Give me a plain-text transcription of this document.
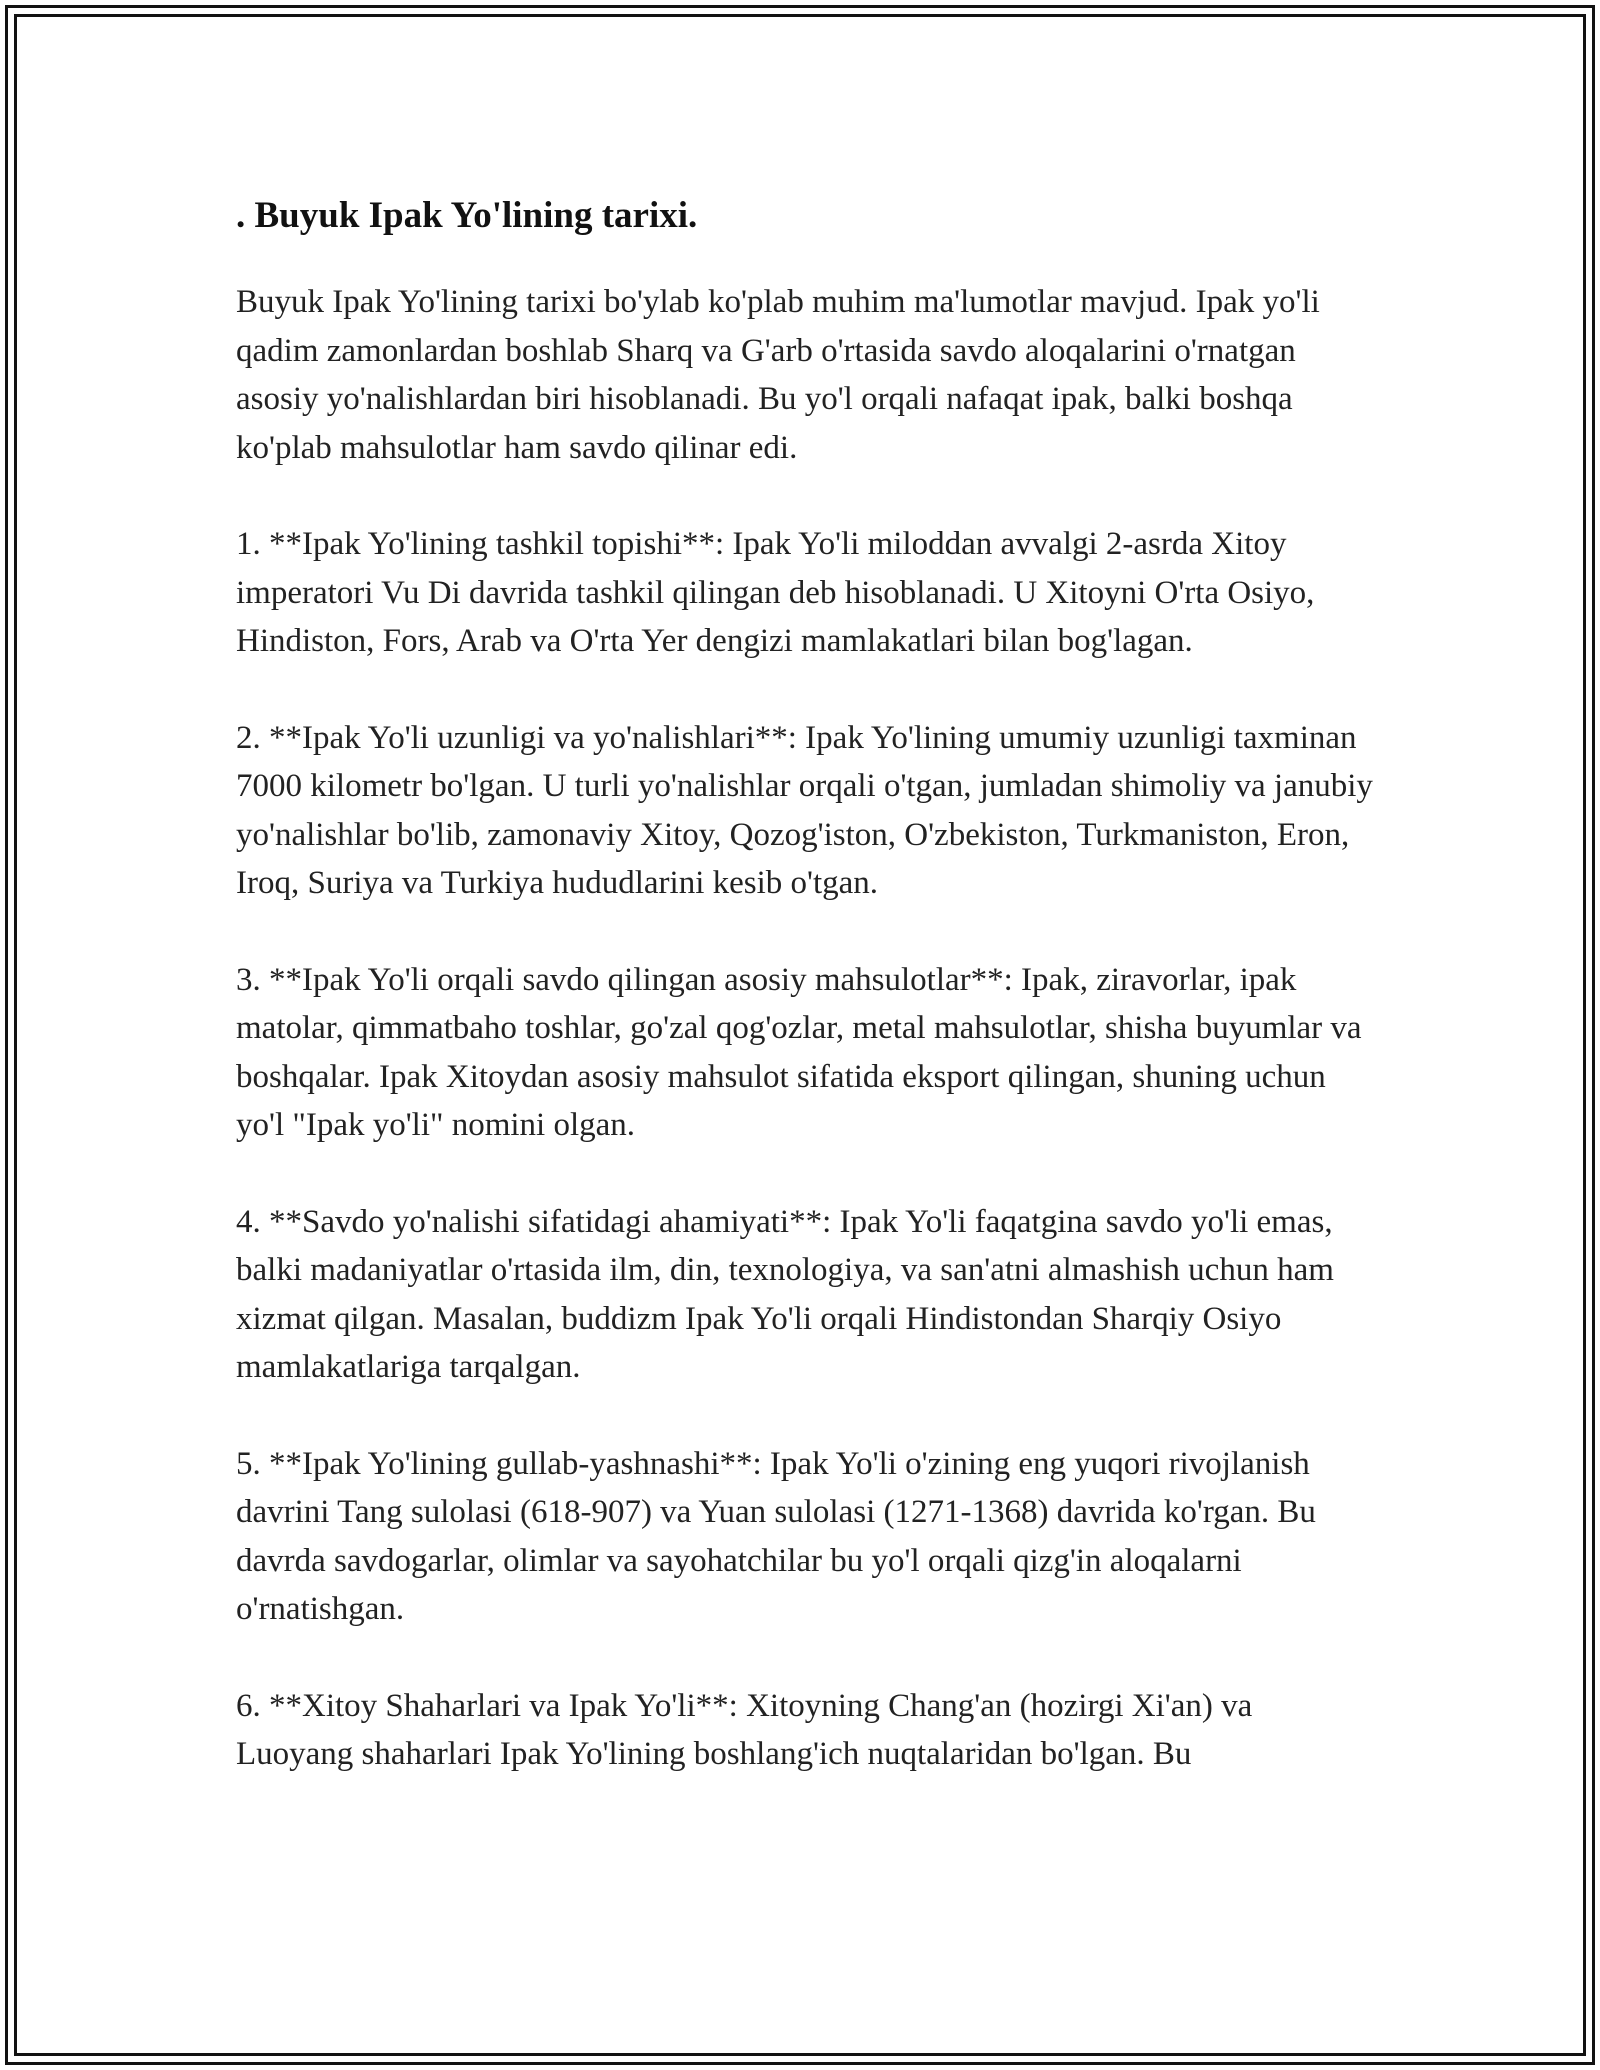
. Buyuk Ipak Yo'lining tarixi.

Buyuk Ipak Yo'lining tarixi bo'ylab ko'plab muhim ma'lumotlar mavjud. Ipak yo'li qadim zamonlardan boshlab Sharq va G'arb o'rtasida savdo aloqalarini o'rnatgan asosiy yo'nalishlardan biri hisoblanadi. Bu yo'l orqali nafaqat ipak, balki boshqa ko'plab mahsulotlar ham savdo qilinar edi.

1. **Ipak Yo'lining tashkil topishi**: Ipak Yo'li miloddan avvalgi 2-asrda Xitoy imperatori Vu Di davrida tashkil qilingan deb hisoblanadi. U Xitoyni O'rta Osiyo, Hindiston, Fors, Arab va O'rta Yer dengizi mamlakatlari bilan bog'lagan.

2. **Ipak Yo'li uzunligi va yo'nalishlari**: Ipak Yo'lining umumiy uzunligi taxminan 7000 kilometr bo'lgan. U turli yo'nalishlar orqali o'tgan, jumladan shimoliy va janubiy yo'nalishlar bo'lib, zamonaviy Xitoy, Qozog'iston, O'zbekiston, Turkmaniston, Eron, Iroq, Suriya va Turkiya hududlarini kesib o'tgan.

3. **Ipak Yo'li orqali savdo qilingan asosiy mahsulotlar**: Ipak, ziravorlar, ipak matolar, qimmatbaho toshlar, go'zal qog'ozlar, metal mahsulotlar, shisha buyumlar va boshqalar. Ipak Xitoydan asosiy mahsulot sifatida eksport qilingan, shuning uchun yo'l "Ipak yo'li" nomini olgan.

4. **Savdo yo'nalishi sifatidagi ahamiyati**: Ipak Yo'li faqatgina savdo yo'li emas, balki madaniyatlar o'rtasida ilm, din, texnologiya, va san'atni almashish uchun ham xizmat qilgan. Masalan, buddizm Ipak Yo'li orqali Hindistondan Sharqiy Osiyo mamlakatlariga tarqalgan.

5. **Ipak Yo'lining gullab-yashnashi**: Ipak Yo'li o'zining eng yuqori rivojlanish davrini Tang sulolasi (618-907) va Yuan sulolasi (1271-1368) davrida ko'rgan. Bu davrda savdogarlar, olimlar va sayohatchilar bu yo'l orqali qizg'in aloqalarni o'rnatishgan.

6. **Xitoy Shaharlari va Ipak Yo'li**: Xitoyning Chang'an (hozirgi Xi'an) va Luoyang shaharlari Ipak Yo'lining boshlang'ich nuqtalaridan bo'lgan. Bu
